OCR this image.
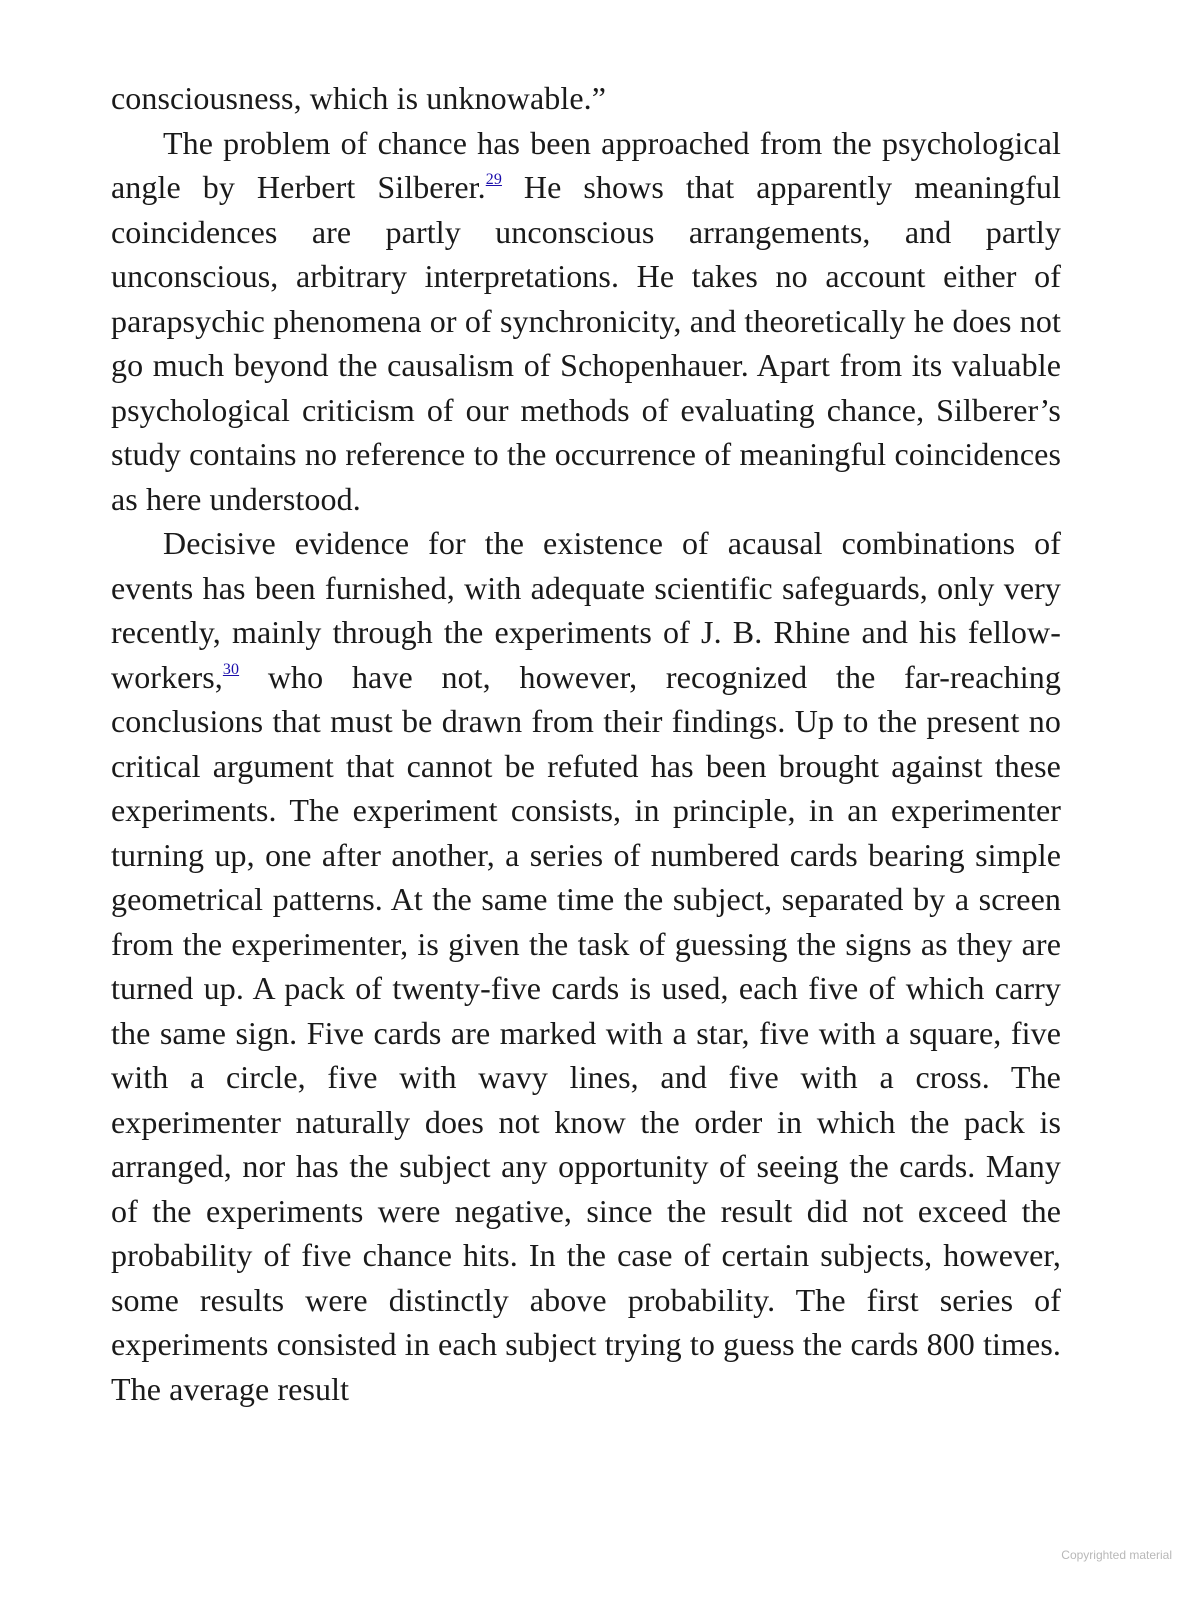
consciousness, which is unknowable.”

The problem of chance has been approached from the psychological angle by Herbert Silberer.$^{29}$ He shows that apparently meaningful coincidences are partly unconscious arrangements, and partly unconscious, arbitrary interpretations. He takes no account either of parapsychic phenomena or of synchronicity, and theoretically he does not go much beyond the causalism of Schopenhauer. Apart from its valuable psychological criticism of our methods of evaluating chance, Silberer’s study contains no reference to the occurrence of meaningful coincidences as here understood.

Decisive evidence for the existence of acausal combinations of events has been furnished, with adequate scientific safeguards, only very recently, mainly through the experiments of J. B. Rhine and his fellow-workers,$^{30}$ who have not, however, recognized the far-reaching conclusions that must be drawn from their findings. Up to the present no critical argument that cannot be refuted has been brought against these experiments. The experiment consists, in principle, in an experimenter turning up, one after another, a series of numbered cards bearing simple geometrical patterns. At the same time the subject, separated by a screen from the experimenter, is given the task of guessing the signs as they are turned up. A pack of twenty-five cards is used, each five of which carry the same sign. Five cards are marked with a star, five with a square, five with a circle, five with wavy lines, and five with a cross. The experimenter naturally does not know the order in which the pack is arranged, nor has the subject any opportunity of seeing the cards. Many of the experiments were negative, since the result did not exceed the probability of five chance hits. In the case of certain subjects, however, some results were distinctly above probability. The first series of experiments consisted in each subject trying to guess the cards 800 times. The average result

Copyrighted material
